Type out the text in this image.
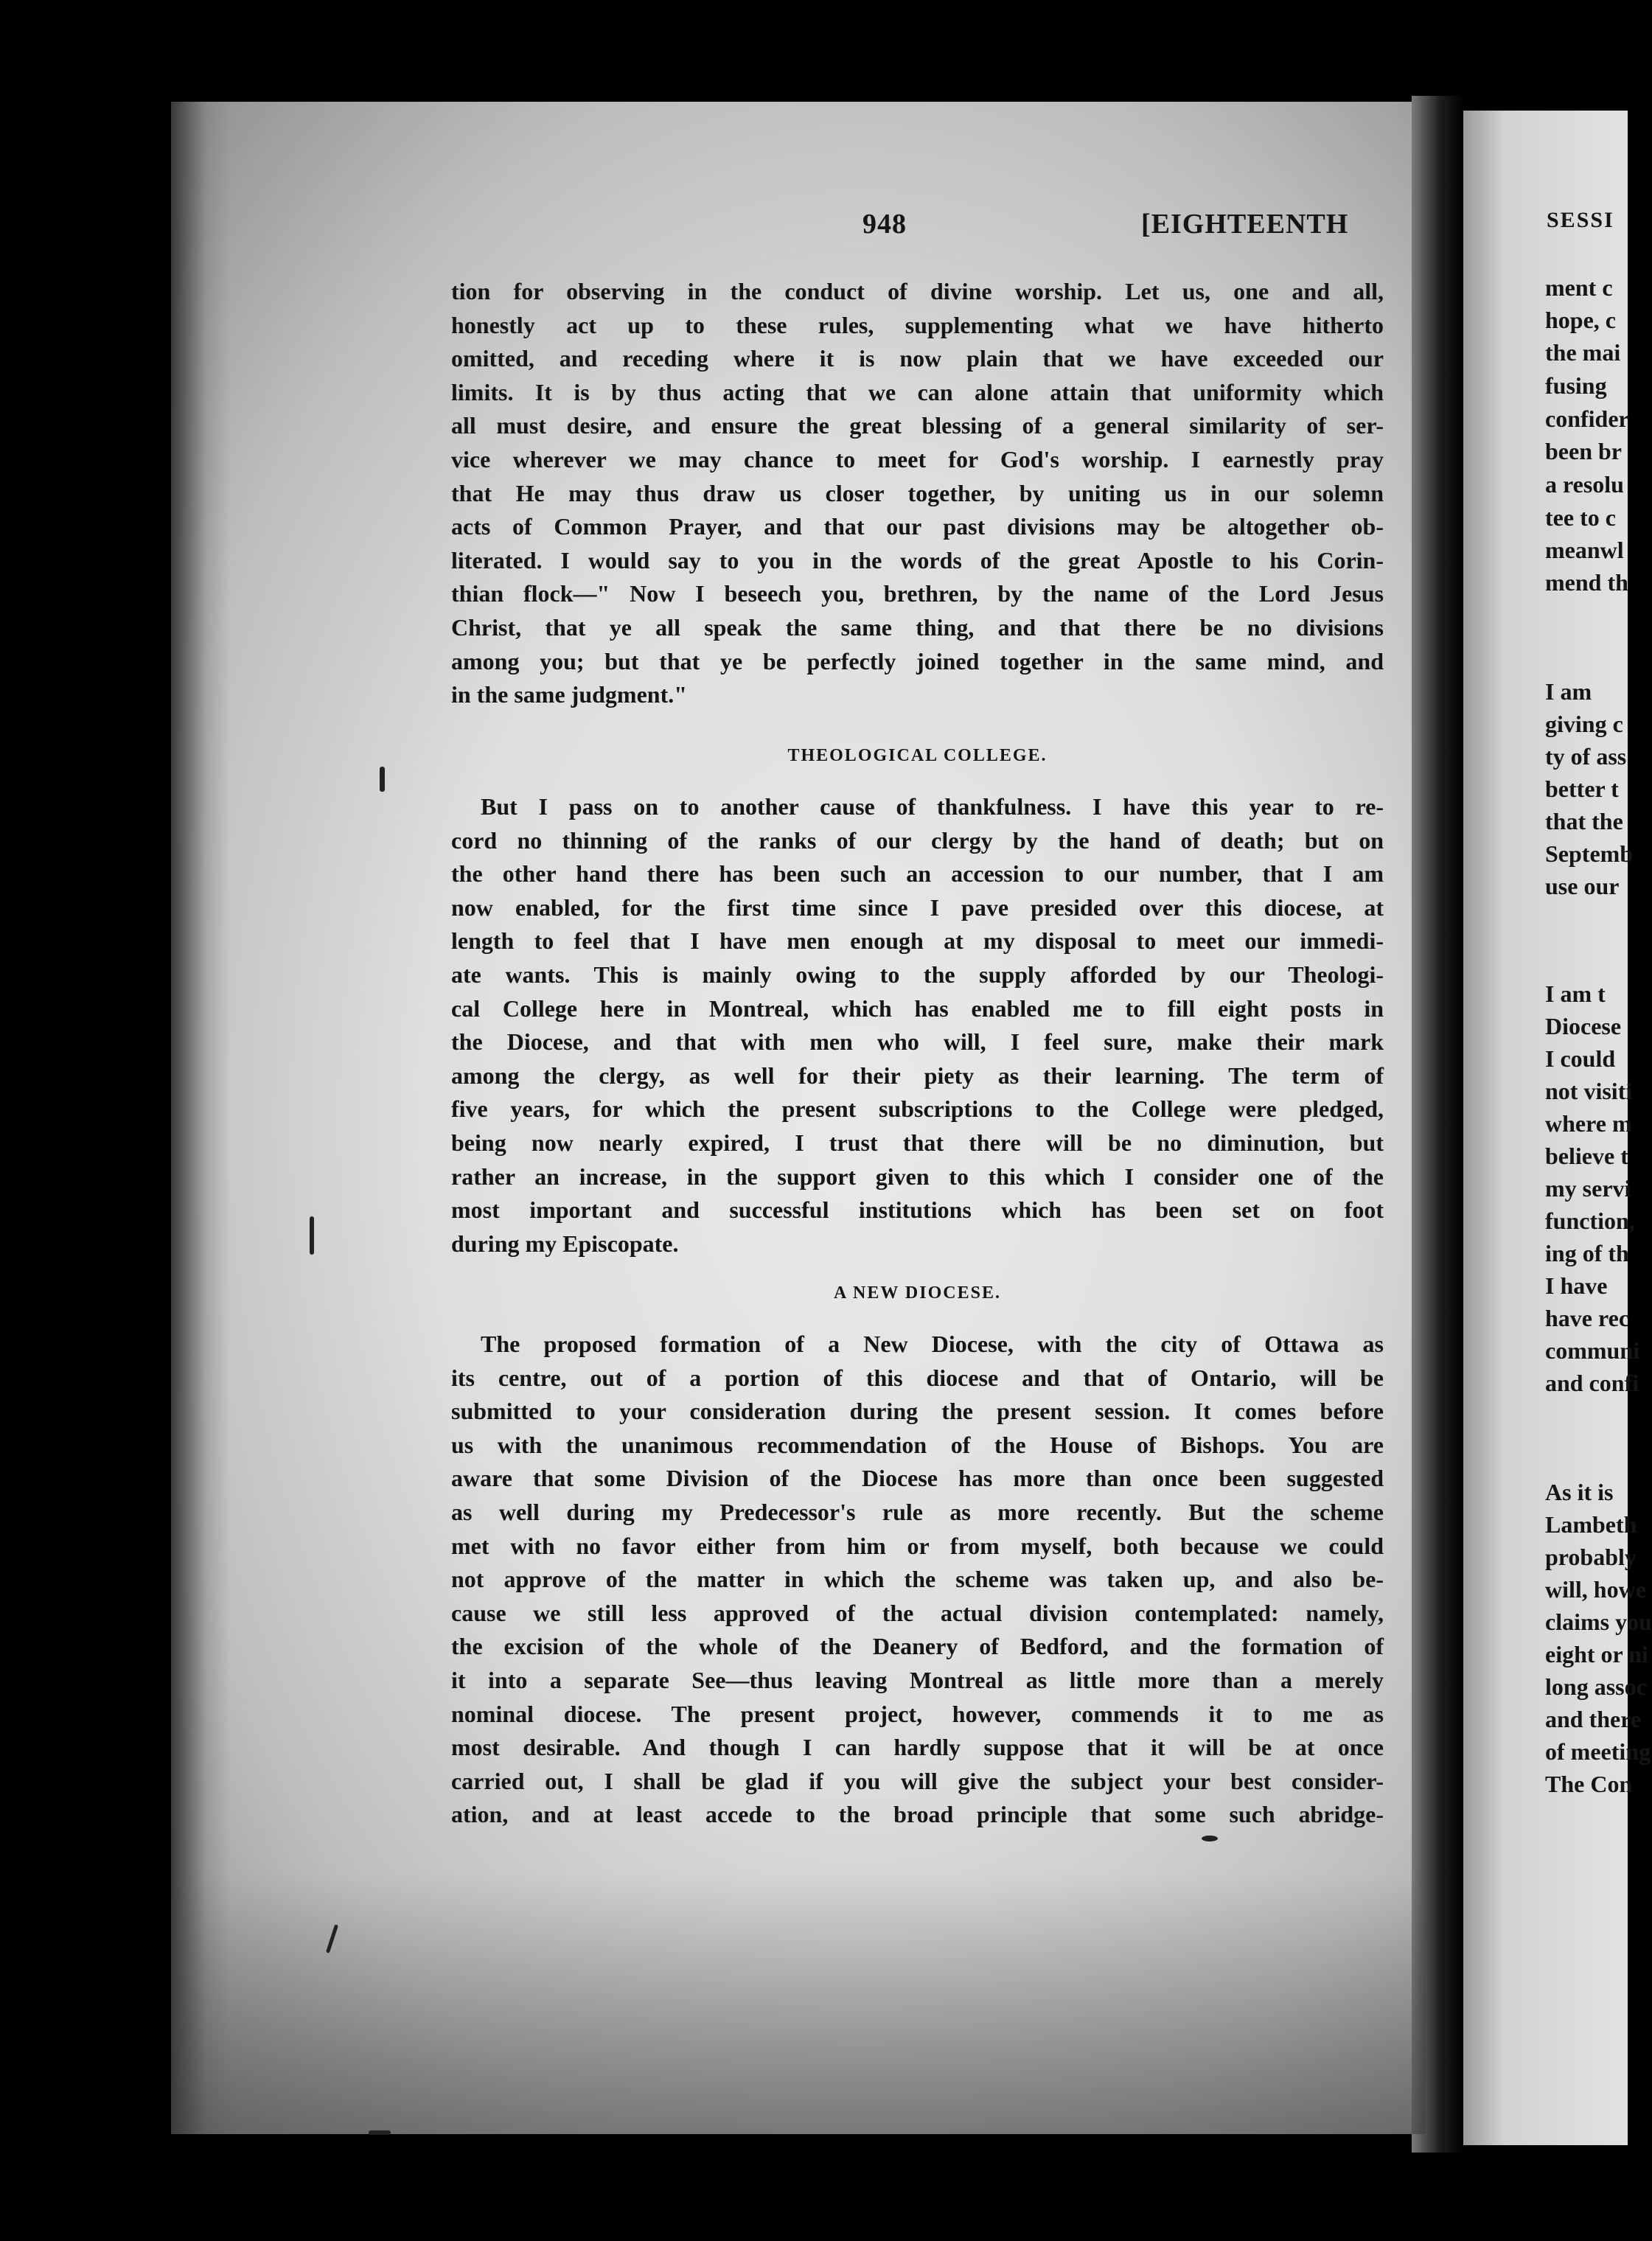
948	[EIGHTEENTH	SESSI
tion for observing in the conduct of divine worship. Let us, one and all,
honestly act up to these rules, supplementing what we have hitherto
omitted, and receding where it is now plain that we have exceeded our
limits. It is by thus acting that we can alone attain that uniformity which
all must desire, and ensure the great blessing of a general similarity of ser-
vice wherever we may chance to meet for God's worship. I earnestly pray
that He may thus draw us closer together, by uniting us in our solemn
acts of Common Prayer, and that our past divisions may be altogether ob-
literated. I would say to you in the words of the great Apostle to his Corin-
thian flock—" Now I beseech you, brethren, by the name of the Lord Jesus
Christ, that ye all speak the same thing, and that there be no divisions
among you; but that ye be perfectly joined together in the same mind, and
in the same judgment."
THEOLOGICAL COLLEGE.
But I pass on to another cause of thankfulness. I have this year to re-
cord no thinning of the ranks of our clergy by the hand of death; but on
the other hand there has been such an accession to our number, that I am
now enabled, for the first time since I pave presided over this diocese, at
length to feel that I have men enough at my disposal to meet our immedi-
ate wants. This is mainly owing to the supply afforded by our Theologi-
cal College here in Montreal, which has enabled me to fill eight posts in
the Diocese, and that with men who will, I feel sure, make their mark
among the clergy, as well for their piety as their learning. The term of
five years, for which the present subscriptions to the College were pledged,
being now nearly expired, I trust that there will be no diminution, but
rather an increase, in the support given to this which I consider one of the
most important and successful institutions which has been set on foot
during my Episcopate.
A NEW DIOCESE.
The proposed formation of a New Diocese, with the city of Ottawa as
its centre, out of a portion of this diocese and that of Ontario, will be
submitted to your consideration during the present session. It comes before
us with the unanimous recommendation of the House of Bishops. You are
aware that some Division of the Diocese has more than once been suggested
as well during my Predecessor's rule as more recently. But the scheme
met with no favor either from him or from myself, both because we could
not approve of the matter in which the scheme was taken up, and also be-
cause we still less approved of the actual division contemplated: namely,
the excision of the whole of the Deanery of Bedford, and the formation of
it into a separate See—thus leaving Montreal as little more than a merely
nominal diocese. The present project, however, commends it to me as
most desirable. And though I can hardly suppose that it will be at once
carried out, I shall be glad if you will give the subject your best consider-
ation, and at least accede to the broad principle that some such abridge-
ment c
hope, c
the mai
fusing
confider
been br
a resolu
tee to c
meanwl
mend th
I am
giving c
ty of ass
better t
that the
Septemb
use our
I am t
Diocese
I could
not visiti
where m
believe t
my servi
function,
ing of th
I have
have rec
communi
and confi
As it is
Lambeth
probably
will, howe
claims you
eight or ni
long assoc
and there
of meeting
The Con
